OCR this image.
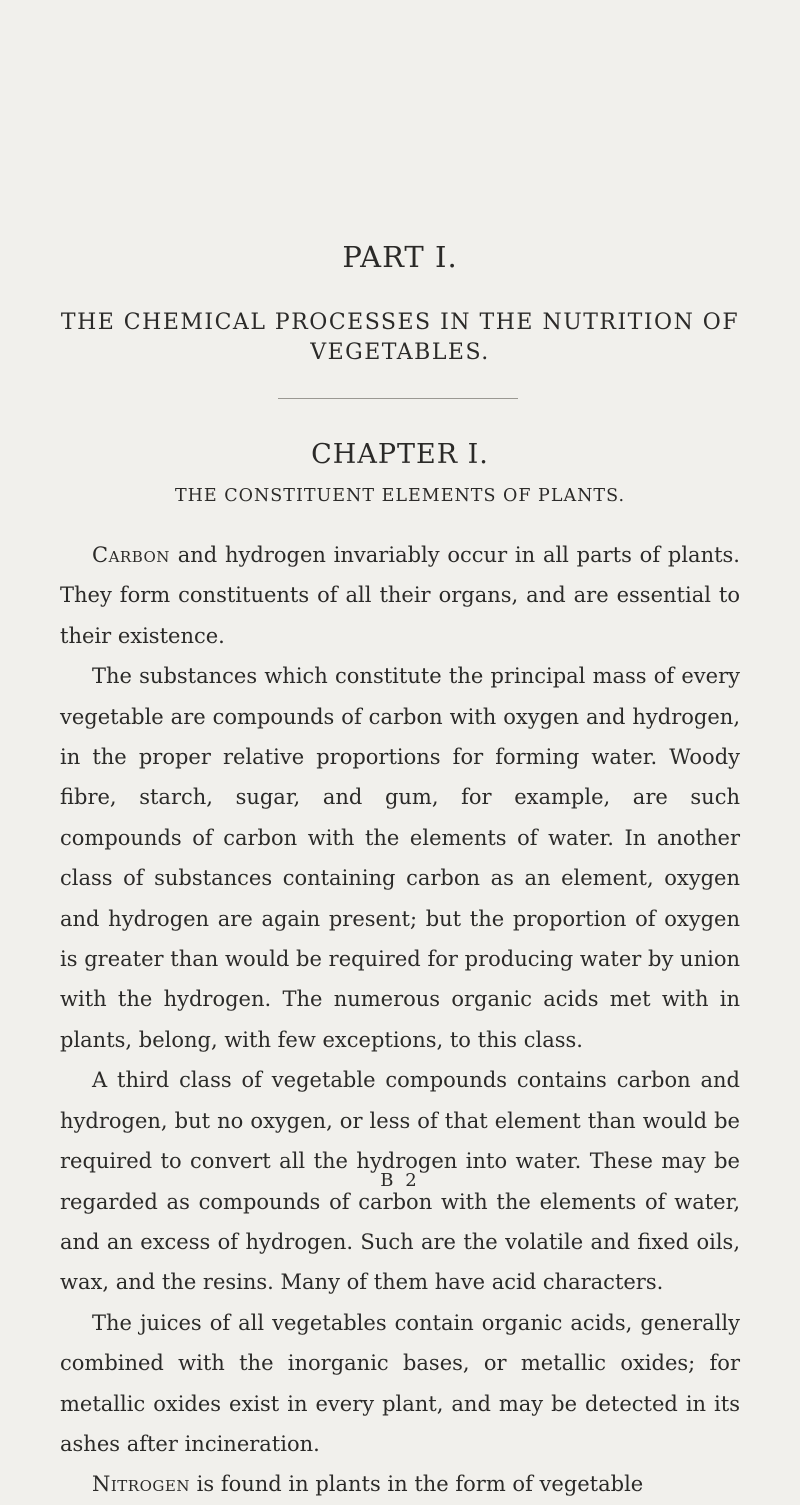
PART I.
THE CHEMICAL PROCESSES IN THE NUTRITION OF
VEGETABLES.
CHAPTER I.
THE CONSTITUENT ELEMENTS OF PLANTS.

Carbon and hydrogen invariably occur in all parts of plants. They form constituents of all their organs, and are essential to their existence.

The substances which constitute the principal mass of every vegetable are compounds of carbon with oxygen and hydrogen, in the proper relative proportions for forming water. Woody fibre, starch, sugar, and gum, for example, are such compounds of carbon with the elements of water. In another class of substances containing carbon as an element, oxygen and hydrogen are again present; but the proportion of oxygen is greater than would be required for producing water by union with the hydrogen. The numerous organic acids met with in plants, belong, with few exceptions, to this class.

A third class of vegetable compounds contains carbon and hydrogen, but no oxygen, or less of that element than would be required to convert all the hydrogen into water. These may be regarded as compounds of carbon with the elements of water, and an excess of hydrogen. Such are the volatile and fixed oils, wax, and the resins. Many of them have acid characters.

The juices of all vegetables contain organic acids, generally combined with the inorganic bases, or metallic oxides; for metallic oxides exist in every plant, and may be detected in its ashes after incineration.

Nitrogen is found in plants in the form of vegetable

B 2
